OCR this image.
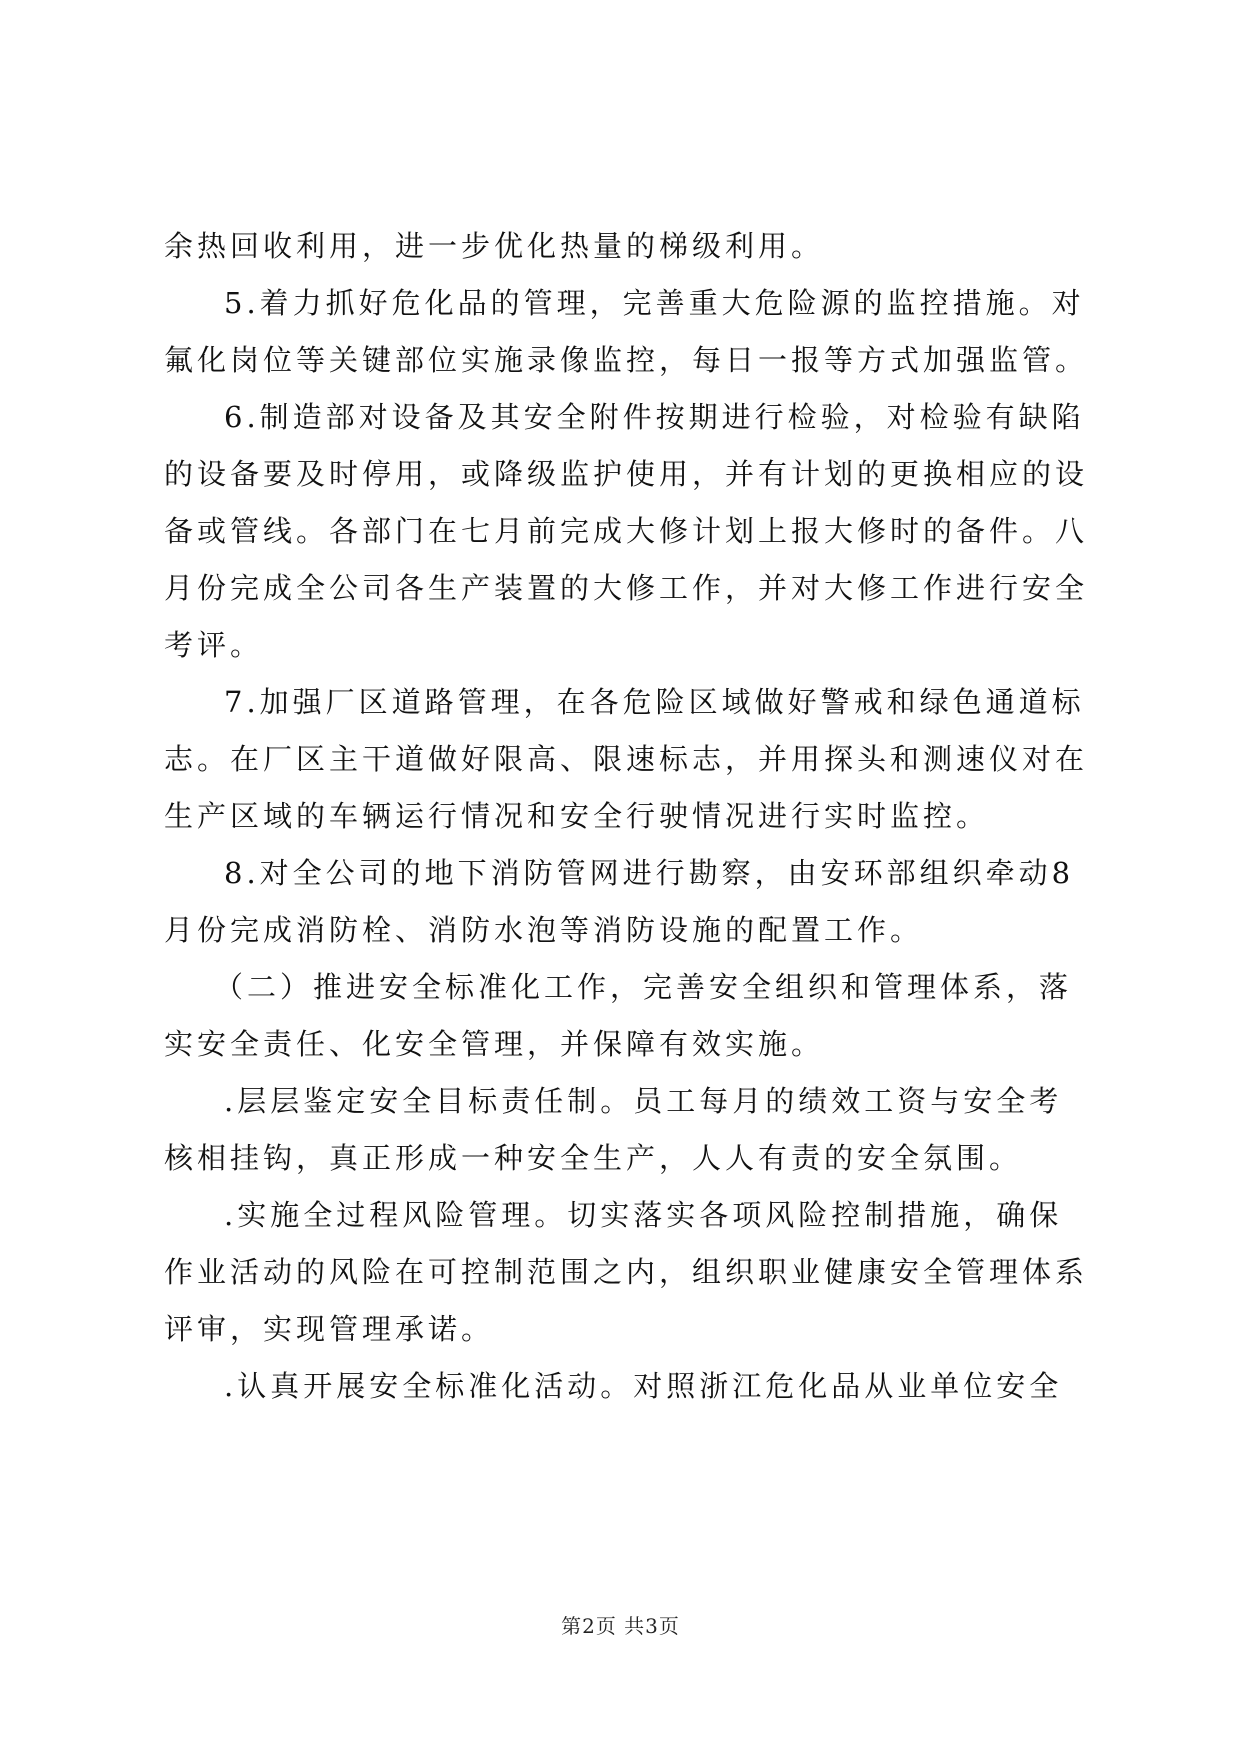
余热回收利用，进一步优化热量的梯级利用。
5.着力抓好危化品的管理，完善重大危险源的监控措施。对
氟化岗位等关键部位实施录像监控，每日一报等方式加强监管。
6.制造部对设备及其安全附件按期进行检验，对检验有缺陷
的设备要及时停用，或降级监护使用，并有计划的更换相应的设
备或管线。各部门在七月前完成大修计划上报大修时的备件。八
月份完成全公司各生产装置的大修工作，并对大修工作进行安全
考评。
7.加强厂区道路管理，在各危险区域做好警戒和绿色通道标
志。在厂区主干道做好限高、限速标志，并用探头和测速仪对在
生产区域的车辆运行情况和安全行驶情况进行实时监控。
8.对全公司的地下消防管网进行勘察，由安环部组织牵动8
月份完成消防栓、消防水泡等消防设施的配置工作。
（二）推进安全标准化工作，完善安全组织和管理体系，落
实安全责任、化安全管理，并保障有效实施。
.层层鉴定安全目标责任制。员工每月的绩效工资与安全考
核相挂钩，真正形成一种安全生产，人人有责的安全氛围。
.实施全过程风险管理。切实落实各项风险控制措施，确保
作业活动的风险在可控制范围之内，组织职业健康安全管理体系
评审，实现管理承诺。
.认真开展安全标准化活动。对照浙江危化品从业单位安全
第2页 共3页
